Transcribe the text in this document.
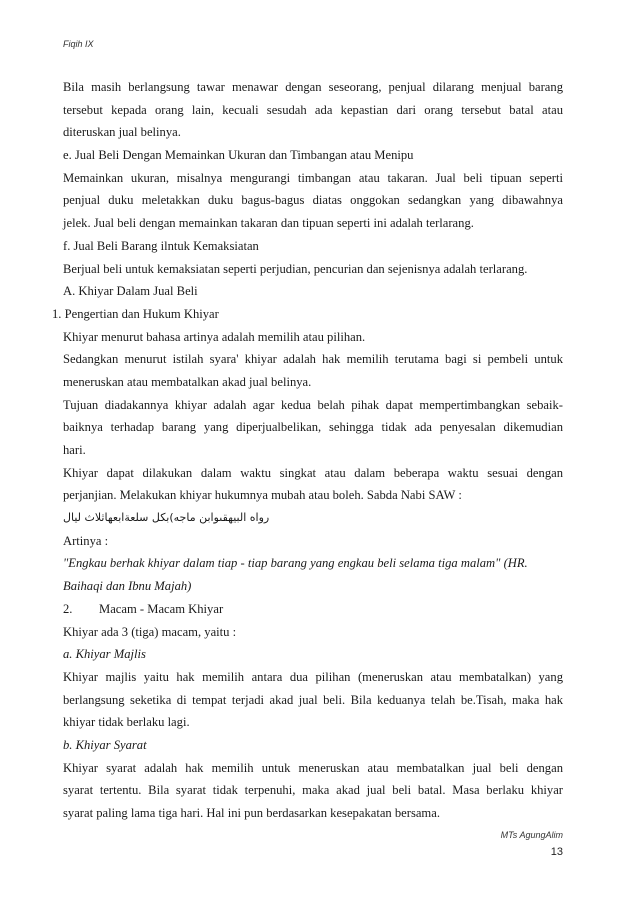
Fiqih IX
Bila masih berlangsung tawar menawar dengan seseorang, penjual dilarang menjual barang
tersebut kepada orang lain, kecuali sesudah ada kepastian dari orang tersebut batal atau
diteruskan jual belinya.
e. Jual Beli Dengan Memainkan Ukuran dan Timbangan atau Menipu
Memainkan ukuran, misalnya mengurangi timbangan atau takaran. Jual beli tipuan seperti
penjual duku meletakkan duku bagus-bagus diatas onggokan sedangkan yang dibawahnya
jelek. Jual beli dengan memainkan takaran dan tipuan seperti ini adalah terlarang.
f. Jual Beli Barang ilntuk Kemaksiatan
Berjual beli untuk kemaksiatan seperti perjudian, pencurian dan sejenisnya adalah terlarang.
A. Khiyar Dalam Jual Beli
1. Pengertian dan Hukum Khiyar
Khiyar menurut bahasa artinya adalah memilih atau pilihan.
Sedangkan menurut istilah syara' khiyar adalah hak memilih terutama bagi si pembeli untuk
meneruskan atau membatalkan akad jual belinya.
Tujuan diadakannya khiyar adalah agar kedua belah pihak dapat mempertimbangkan sebaik-
baiknya terhadap barang yang diperjualbelikan, sehingga tidak ada penyesalan dikemudian
hari.
Khiyar dapat dilakukan dalam waktu singkat atau dalam beberapa waktu sesuai dengan
perjanjian. Melakukan khiyar hukumnya mubah atau boleh. Sabda Nabi SAW :
رواه البيهقىوابن ماجه)بكل سلعةابعهاثلاث ليال
Artinya :
"Engkau berhak khiyar dalam tiap - tiap barang yang engkau beli selama tiga malam" (HR.
Baihaqi dan Ibnu Majah)
2. Macam - Macam Khiyar
Khiyar ada 3 (tiga) macam, yaitu :
a. Khiyar Majlis
Khiyar majlis yaitu hak memilih antara dua pilihan (meneruskan atau membatalkan) yang
berlangsung seketika di tempat terjadi akad jual beli. Bila keduanya telah be.Tisah, maka hak
khiyar tidak berlaku lagi.
b. Khiyar Syarat
Khiyar syarat adalah hak memilih untuk meneruskan atau membatalkan jual beli dengan
syarat tertentu. Bila syarat tidak terpenuhi, maka akad jual beli batal. Masa berlaku khiyar
syarat paling lama tiga hari. Hal ini pun berdasarkan kesepakatan bersama.
MTs AgungAlim
13
